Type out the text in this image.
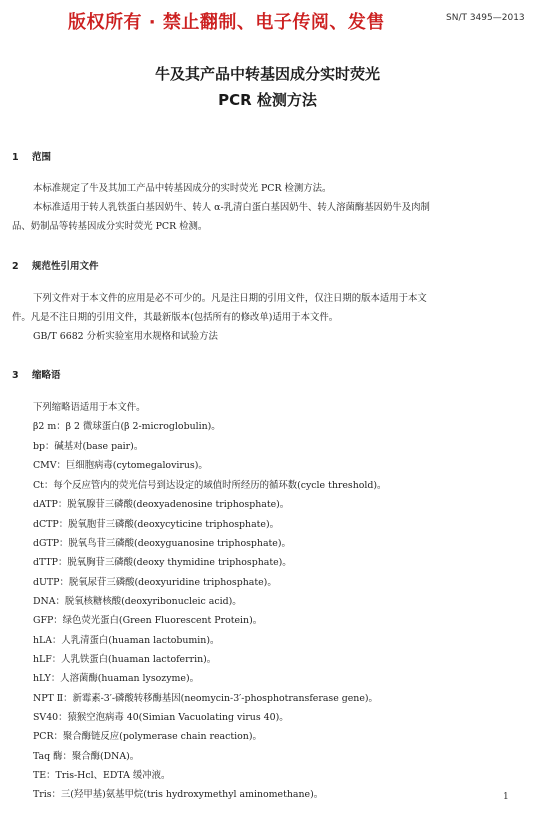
版权所有 · 禁止翻制、电子传阅、发售	SN/T 3495—2013
牛及其产品中转基因成分实时荧光
PCR 检测方法
1 范围
本标准规定了牛及其加工产品中转基因成分的实时荧光 PCR 检测方法。
本标准适用于转人乳铁蛋白基因奶牛、转人 α-乳清白蛋白基因奶牛、转人溶菌酶基因奶牛及肉制
品、奶制品等转基因成分实时荧光 PCR 检测。
2 规范性引用文件
下列文件对于本文件的应用是必不可少的。凡是注日期的引用文件，仅注日期的版本适用于本文
件。凡是不注日期的引用文件，其最新版本(包括所有的修改单)适用于本文件。
GB/T 6682 分析实验室用水规格和试验方法
3 缩略语
下列缩略语适用于本文件。
β2 m：β 2 微球蛋白(β 2-microglobulin)。
bp：碱基对(base pair)。
CMV：巨细胞病毒(cytomegalovirus)。
Ct：每个反应管内的荧光信号到达设定的域值时所经历的循环数(cycle threshold)。
dATP：脱氧腺苷三磷酸(deoxyadenosine triphosphate)。
dCTP：脱氧胞苷三磷酸(deoxycyticine triphosphate)。
dGTP：脱氧鸟苷三磷酸(deoxyguanosine triphosphate)。
dTTP：脱氧胸苷三磷酸(deoxy thymidine triphosphate)。
dUTP：脱氧尿苷三磷酸(deoxyuridine triphosphate)。
DNA：脱氧核糖核酸(deoxyribonucleic acid)。
GFP：绿色荧光蛋白(Green Fluorescent Protein)。
hLA：人乳清蛋白(huaman lactobumin)。
hLF：人乳铁蛋白(huaman lactoferrin)。
hLY：人溶菌酶(huaman lysozyme)。
NPT Ⅱ：新霉素-3′-磷酸转移酶基因(neomycin-3′-phosphotransferase gene)。
SV40：猿猴空泡病毒 40(Simian Vacuolating virus 40)。
PCR：聚合酶链反应(polymerase chain reaction)。
Taq 酶：聚合酶(DNA)。
TE：Tris-Hcl、EDTA 缓冲液。
Tris：三(羟甲基)氨基甲烷(tris hydroxymethyl aminomethane)。	1
